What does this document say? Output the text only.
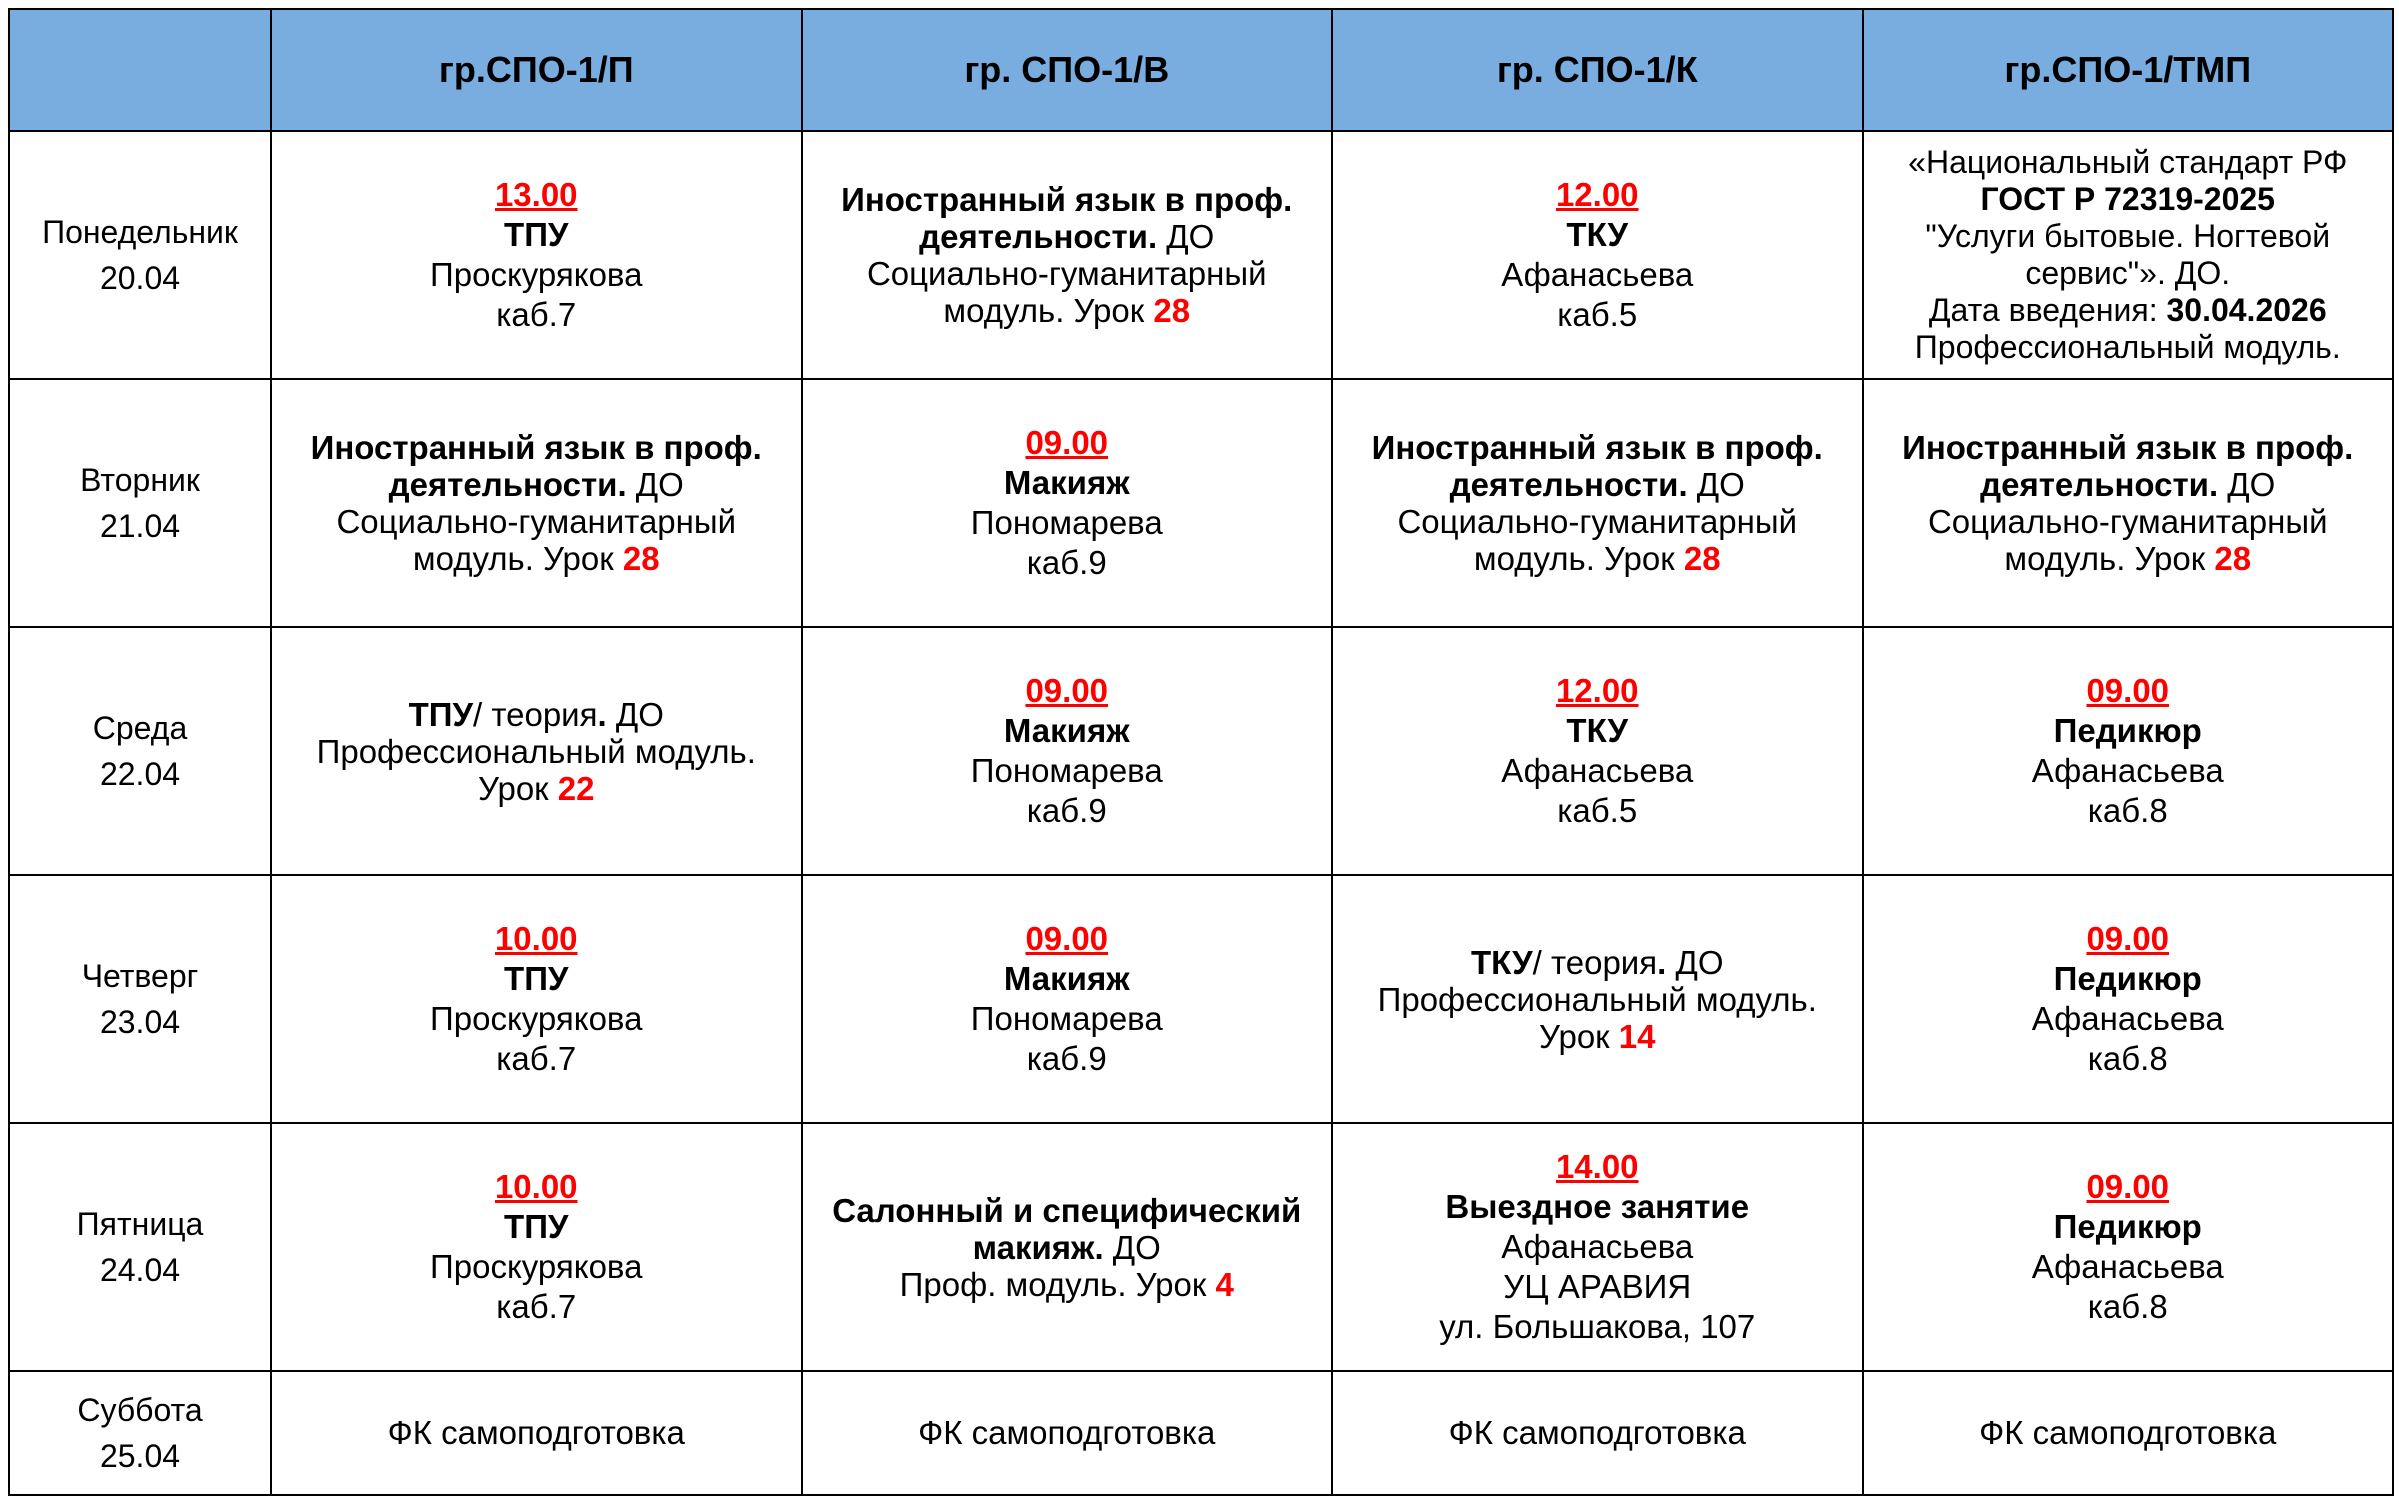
	гр.СПО-1/П	гр. СПО-1/В	гр. СПО-1/К	гр.СПО-1/ТМП

Понедельник
20.04	13.00
ТПУ
Проскурякова
каб.7	Иностранный язык в проф. деятельности. ДО
Социально-гуманитарный модуль. Урок 28	12.00
ТКУ
Афанасьева
каб.5	«Национальный стандарт РФ
ГОСТ Р 72319-2025
"Услуги бытовые. Ногтевой сервис"». ДО.
Дата введения: 30.04.2026
Профессиональный модуль.

Вторник
21.04	Иностранный язык в проф. деятельности. ДО
Социально-гуманитарный модуль. Урок 28	09.00
Макияж
Пономарева
каб.9	Иностранный язык в проф. деятельности. ДО
Социально-гуманитарный модуль. Урок 28	Иностранный язык в проф. деятельности. ДО
Социально-гуманитарный модуль. Урок 28

Среда
22.04	ТПУ/ теория. ДО
Профессиональный модуль.
Урок 22	09.00
Макияж
Пономарева
каб.9	12.00
ТКУ
Афанасьева
каб.5	09.00
Педикюр
Афанасьева
каб.8

Четверг
23.04	10.00
ТПУ
Проскурякова
каб.7	09.00
Макияж
Пономарева
каб.9	ТКУ/ теория. ДО
Профессиональный модуль.
Урок 14	09.00
Педикюр
Афанасьева
каб.8

Пятница
24.04	10.00
ТПУ
Проскурякова
каб.7	Салонный и специфический макияж. ДО
Проф. модуль. Урок 4	14.00
Выездное занятие
Афанасьева
УЦ АРАВИЯ
ул. Большакова, 107	09.00
Педикюр
Афанасьева
каб.8

Суббота
25.04	ФК самоподготовка	ФК самоподготовка	ФК самоподготовка	ФК самоподготовка
